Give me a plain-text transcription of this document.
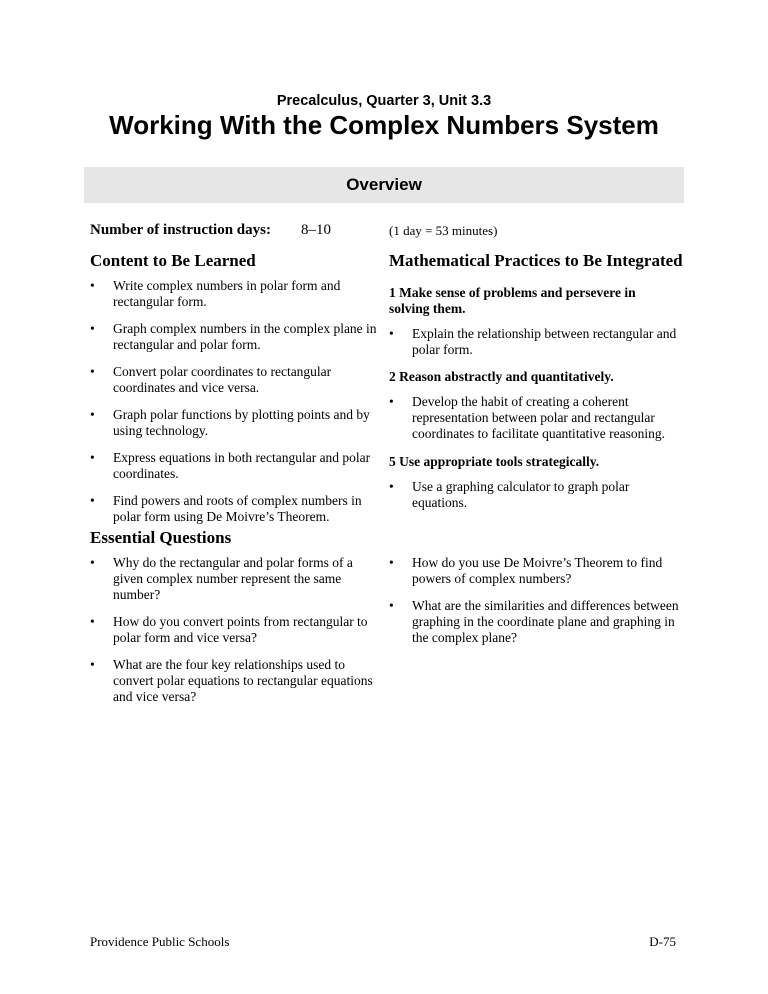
Precalculus, Quarter 3, Unit 3.3
Working With the Complex Numbers System
Overview
Number of instruction days: 8–10	(1 day = 53 minutes)
Content to Be Learned
• Write complex numbers in polar form and rectangular form.
• Graph complex numbers in the complex plane in rectangular and polar form.
• Convert polar coordinates to rectangular coordinates and vice versa.
• Graph polar functions by plotting points and by using technology.
• Express equations in both rectangular and polar coordinates.
• Find powers and roots of complex numbers in polar form using De Moivre’s Theorem.
Mathematical Practices to Be Integrated
1 Make sense of problems and persevere in solving them.
• Explain the relationship between rectangular and polar form.
2 Reason abstractly and quantitatively.
• Develop the habit of creating a coherent representation between polar and rectangular coordinates to facilitate quantitative reasoning.
5 Use appropriate tools strategically.
• Use a graphing calculator to graph polar equations.
Essential Questions
• Why do the rectangular and polar forms of a given complex number represent the same number?
• How do you convert points from rectangular to polar form and vice versa?
• What are the four key relationships used to convert polar equations to rectangular equations and vice versa?
• How do you use De Moivre’s Theorem to find powers of complex numbers?
• What are the similarities and differences between graphing in the coordinate plane and graphing in the complex plane?
Providence Public Schools	D-75
